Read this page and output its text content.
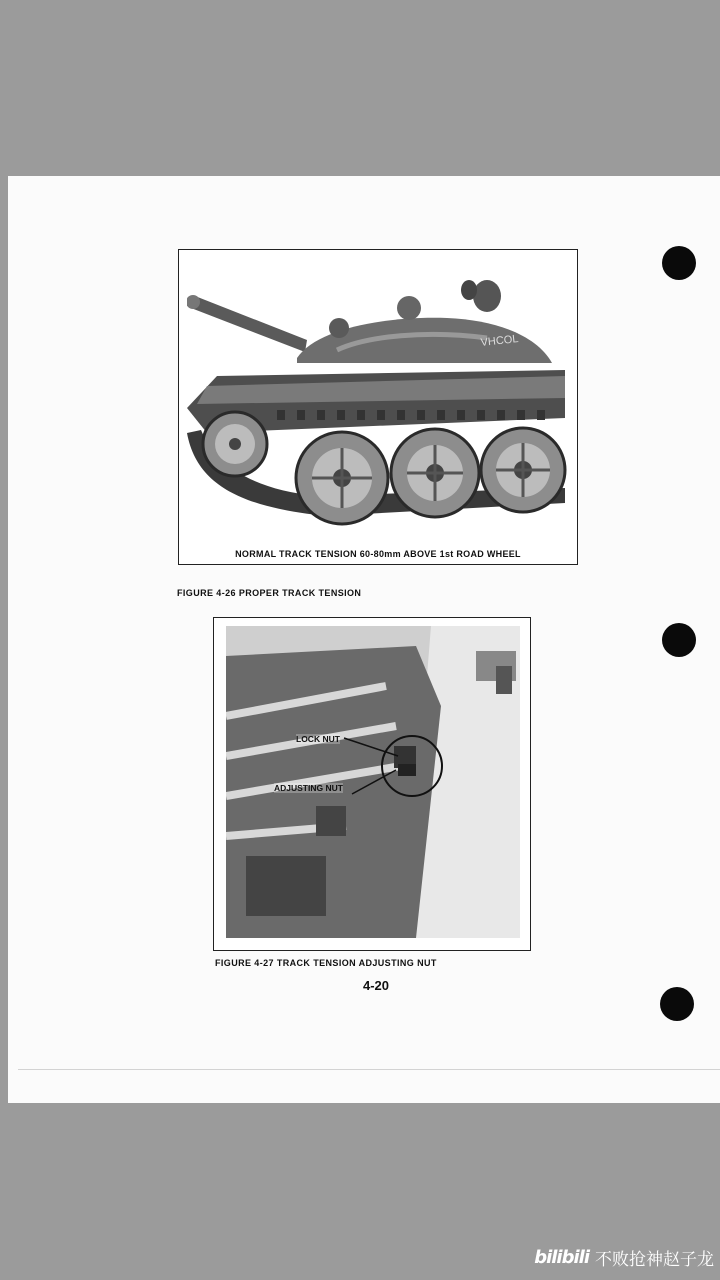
VHCOL
NORMAL TRACK TENSION 60-80mm ABOVE 1st ROAD WHEEL
FIGURE 4-26 PROPER TRACK TENSION
LOCK NUT
ADJUSTING NUT
FIGURE 4-27 TRACK TENSION ADJUSTING NUT
4-20
bilibili 不败抢神赵子龙
